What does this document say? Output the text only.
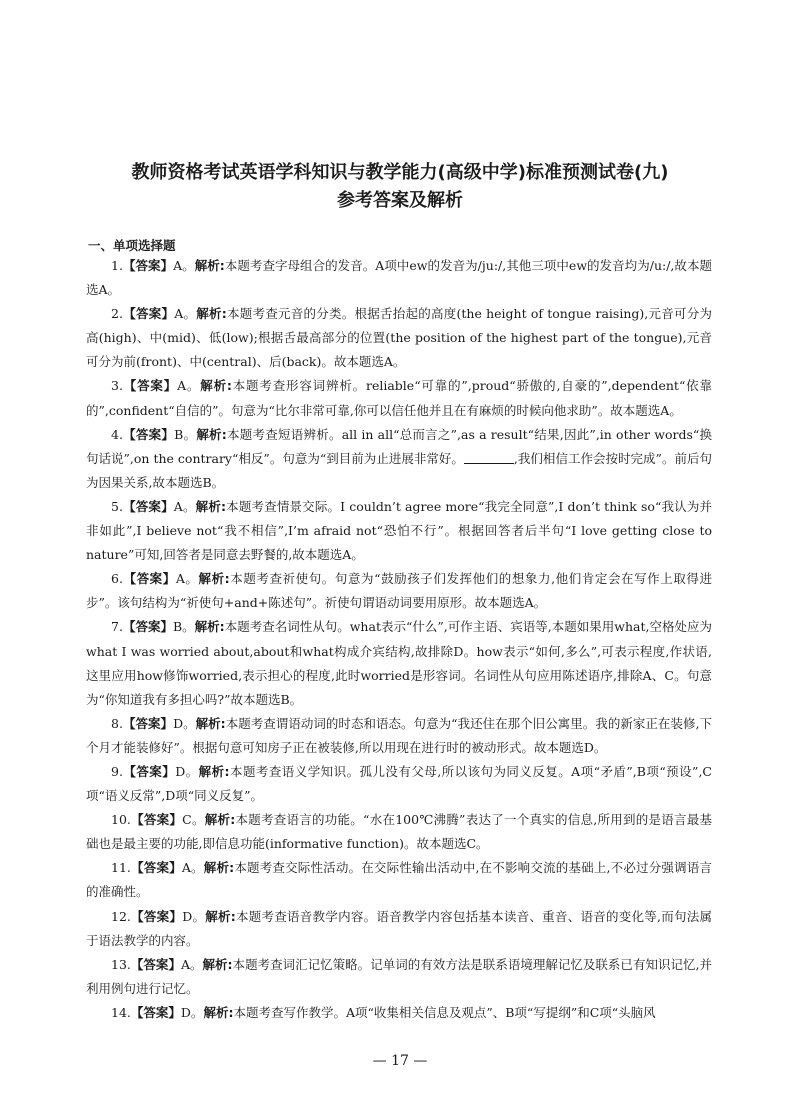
教师资格考试英语学科知识与教学能力(高级中学)标准预测试卷(九)
参考答案及解析
一、单项选择题
1.【答案】A。解析:本题考查字母组合的发音。A项中ew的发音为/ju:/,其他三项中ew的发音均为/u:/,故本题选A。
2.【答案】A。解析:本题考查元音的分类。根据舌抬起的高度(the height of tongue raising),元音可分为高(high)、中(mid)、低(low);根据舌最高部分的位置(the position of the highest part of the tongue),元音可分为前(front)、中(central)、后(back)。故本题选A。
3.【答案】A。解析:本题考查形容词辨析。reliable“可靠的”,proud“骄傲的,自豪的”,dependent“依靠的”,confident“自信的”。句意为“比尔非常可靠,你可以信任他并且在有麻烦的时候向他求助”。故本题选A。
4.【答案】B。解析:本题考查短语辨析。all in all“总而言之”,as a result“结果,因此”,in other words“换句话说”,on the contrary“相反”。句意为“到目前为止进展非常好。	,我们相信工作会按时完成”。前后句为因果关系,故本题选B。
5.【答案】A。解析:本题考查情景交际。I couldn’t agree more“我完全同意”,I don’t think so“我认为并非如此”,I believe not“我不相信”,I’m afraid not“恐怕不行”。根据回答者后半句“I love getting close to nature”可知,回答者是同意去野餐的,故本题选A。
6.【答案】A。解析:本题考查祈使句。句意为“鼓励孩子们发挥他们的想象力,他们肯定会在写作上取得进步”。该句结构为“祈使句+and+陈述句”。祈使句谓语动词要用原形。故本题选A。
7.【答案】B。解析:本题考查名词性从句。what表示“什么”,可作主语、宾语等,本题如果用what,空格处应为what I was worried about,about和what构成介宾结构,故排除D。how表示“如何,多么”,可表示程度,作状语,这里应用how修饰worried,表示担心的程度,此时worried是形容词。名词性从句应用陈述语序,排除A、C。句意为“你知道我有多担心吗?”故本题选B。
8.【答案】D。解析:本题考查谓语动词的时态和语态。句意为“我还住在那个旧公寓里。我的新家正在装修,下个月才能装修好”。根据句意可知房子正在被装修,所以用现在进行时的被动形式。故本题选D。
9.【答案】D。解析:本题考查语义学知识。孤儿没有父母,所以该句为同义反复。A项“矛盾”,B项“预设”,C项“语义反常”,D项“同义反复”。
10.【答案】C。解析:本题考查语言的功能。“水在100℃沸腾”表达了一个真实的信息,所用到的是语言最基础也是最主要的功能,即信息功能(informative function)。故本题选C。
11.【答案】A。解析:本题考查交际性活动。在交际性输出活动中,在不影响交流的基础上,不必过分强调语言的准确性。
12.【答案】D。解析:本题考查语音教学内容。语音教学内容包括基本读音、重音、语音的变化等,而句法属于语法教学的内容。
13.【答案】A。解析:本题考查词汇记忆策略。记单词的有效方法是联系语境理解记忆及联系已有知识记忆,并利用例句进行记忆。
14.【答案】D。解析:本题考查写作教学。A项“收集相关信息及观点”、B项“写提纲”和C项“头脑风
— 17 —
